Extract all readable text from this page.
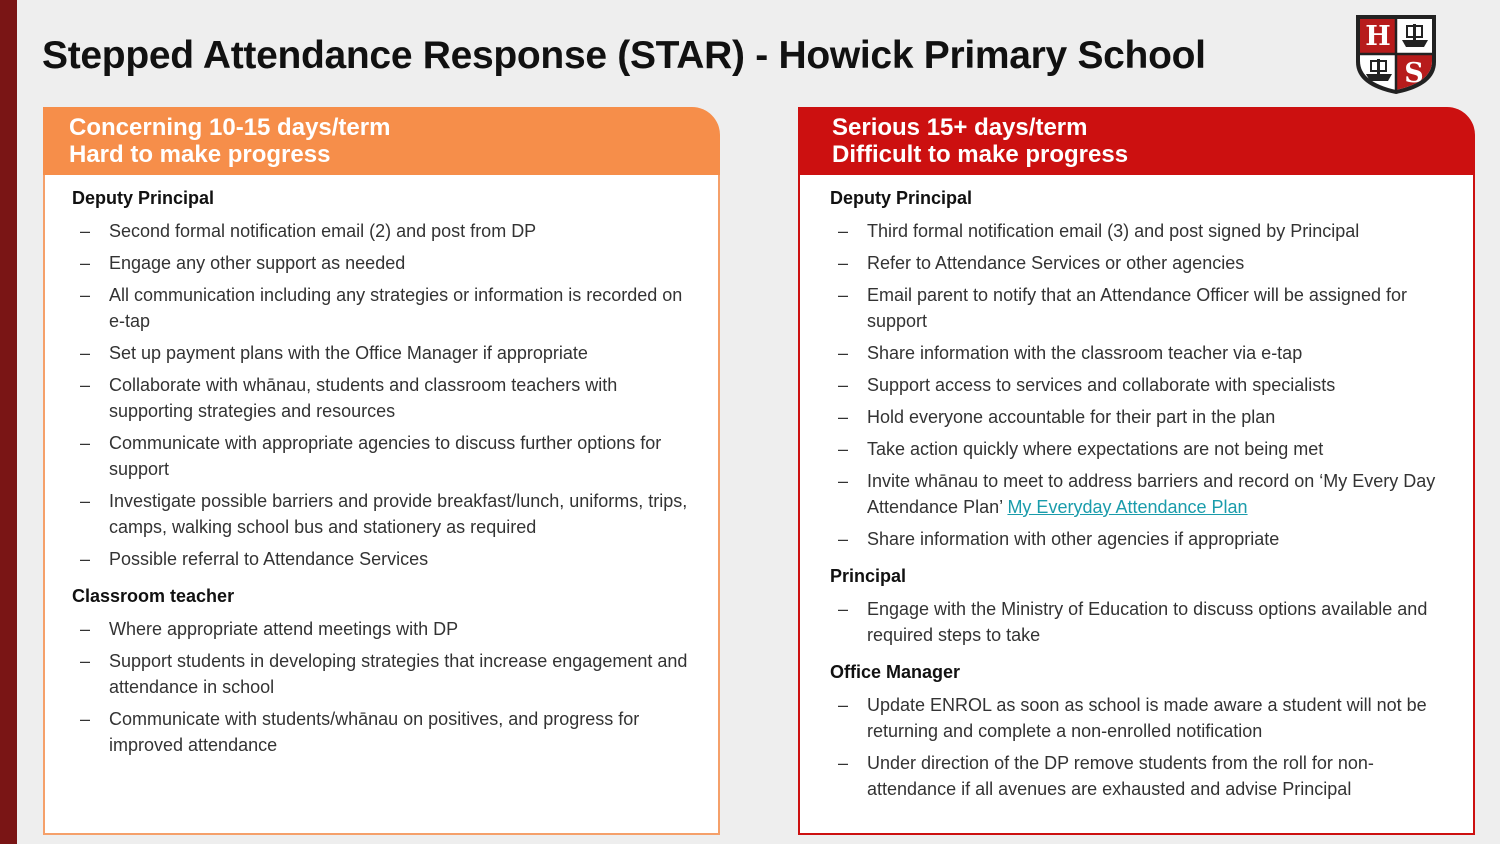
Stepped Attendance Response (STAR) - Howick Primary School	H
S
Concerning 10-15 days/term
Hard to make progress
Deputy Principal
– Second formal notification email (2) and post from DP
– Engage any other support as needed
– All communication including any strategies or information is recorded on e-tap
– Set up payment plans with the Office Manager if appropriate
– Collaborate with whānau, students and classroom teachers with supporting strategies and resources
– Communicate with appropriate agencies to discuss further options for support
– Investigate possible barriers and provide breakfast/lunch, uniforms, trips, camps, walking school bus and stationery as required
– Possible referral to Attendance Services
Classroom teacher
– Where appropriate attend meetings with DP
– Support students in developing strategies that increase engagement and attendance in school
– Communicate with students/whānau on positives, and progress for improved attendance
Serious 15+ days/term
Difficult to make progress
Deputy Principal
– Third formal notification email (3) and post signed by Principal
– Refer to Attendance Services or other agencies
– Email parent to notify that an Attendance Officer will be assigned for support
– Share information with the classroom teacher via e-tap
– Support access to services and collaborate with specialists
– Hold everyone accountable for their part in the plan
– Take action quickly where expectations are not being met
– Invite whānau to meet to address barriers and record on ‘My Every Day Attendance Plan’ My Everyday Attendance Plan
– Share information with other agencies if appropriate
Principal
– Engage with the Ministry of Education to discuss options available and required steps to take
Office Manager
– Update ENROL as soon as school is made aware a student will not be returning and complete a non-enrolled notification
– Under direction of the DP remove students from the roll for non-attendance if all avenues are exhausted and advise Principal
